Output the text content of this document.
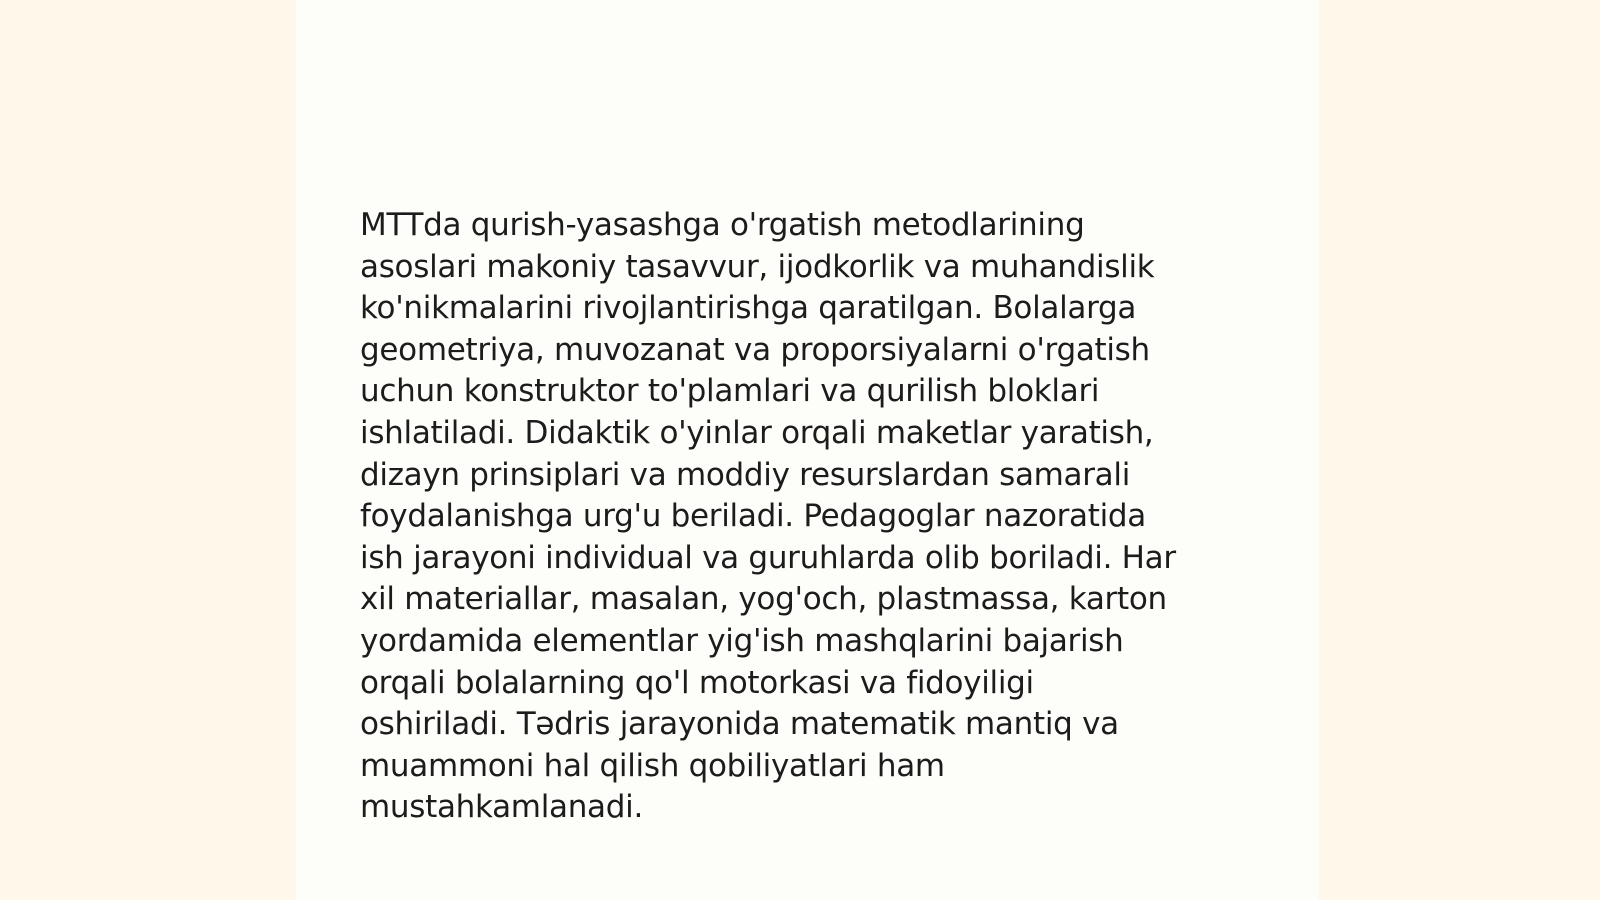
MTTda qurish-yasashga o'rgatish metodlarining
asoslari makoniy tasavvur, ijodkorlik va muhandislik
ko'nikmalarini rivojlantirishga qaratilgan. Bolalarga
geometriya, muvozanat va proporsiyalarni o'rgatish
uchun konstruktor to'plamlari va qurilish bloklari
ishlatiladi. Didaktik o'yinlar orqali maketlar yaratish,
dizayn prinsiplari va moddiy resurslardan samarali
foydalanishga urg'u beriladi. Pedagoglar nazoratida
ish jarayoni individual va guruhlarda olib boriladi. Har
xil materiallar, masalan, yog'och, plastmassa, karton
yordamida elementlar yig'ish mashqlarini bajarish
orqali bolalarning qo'l motorkasi va fidoyiligi
oshiriladi. Tədris jarayonida matematik mantiq va
muammoni hal qilish qobiliyatlari ham
mustahkamlanadi.
